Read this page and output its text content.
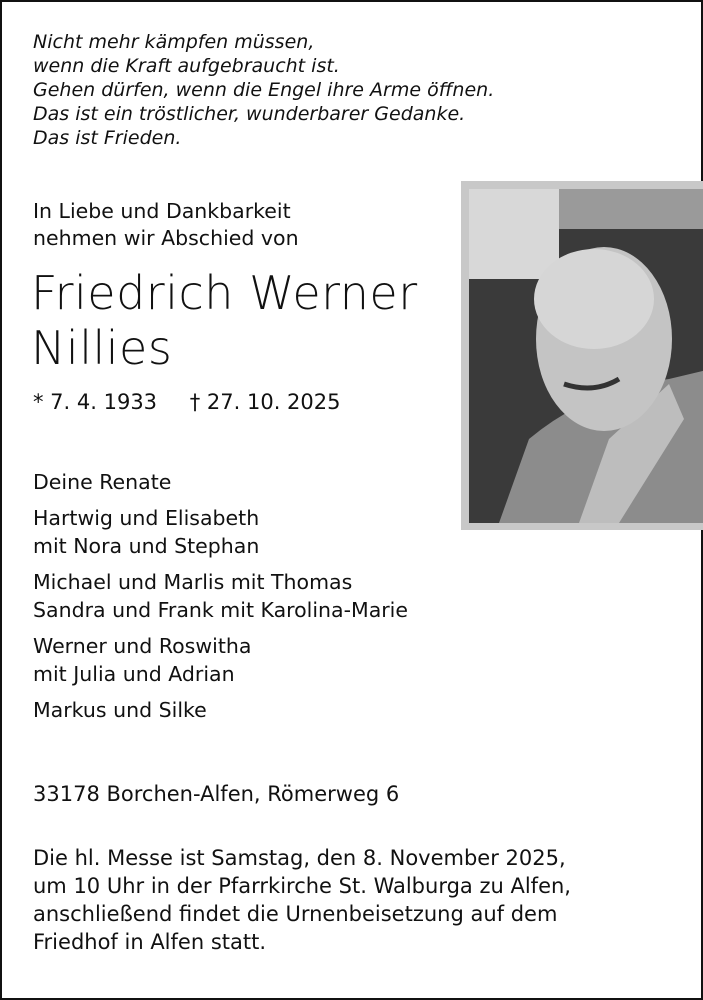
Nicht mehr kämpfen müssen,
wenn die Kraft aufgebraucht ist.
Gehen dürfen, wenn die Engel ihre Arme öffnen.
Das ist ein tröstlicher, wunderbarer Gedanke.
Das ist Frieden.
In Liebe und Dankbarkeit
nehmen wir Abschied von
Friedrich Werner
Nillies
* 7. 4. 1933 † 27. 10. 2025
Deine Renate
Hartwig und Elisabeth
mit Nora und Stephan
Michael und Marlis mit Thomas
Sandra und Frank mit Karolina-Marie
Werner und Roswitha
mit Julia und Adrian
Markus und Silke
33178 Borchen-Alfen, Römerweg 6
Die hl. Messe ist Samstag, den 8. November 2025,
um 10 Uhr in der Pfarrkirche St. Walburga zu Alfen,
anschließend findet die Urnenbeisetzung auf dem
Friedhof in Alfen statt.
